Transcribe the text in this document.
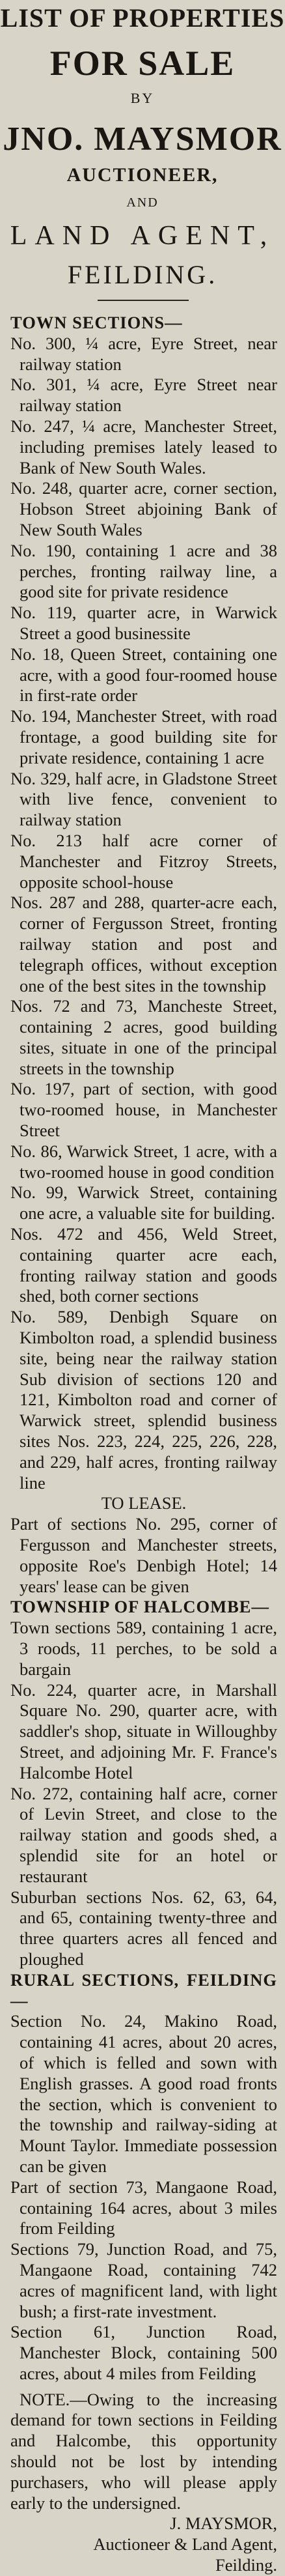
LIST OF PROPERTIES
FOR SALE
BY
JNO. MAYSMOR
AUCTIONEER,
AND
LAND AGENT,
FEILDING.

TOWN SECTIONS—

No. 300, ¼ acre, Eyre Street, near railway station

No. 301, ¼ acre, Eyre Street near railway station

No. 247, ¼ acre, Manchester Street, including premises lately leased to Bank of New South Wales.

No. 248, quarter acre, corner section, Hobson Street abjoining Bank of New South Wales

No. 190, containing 1 acre and 38 perches, fronting railway line, a good site for private residence

No. 119, quarter acre, in Warwick Street a good businessite

No. 18, Queen Street, containing one acre, with a good four-roomed house in first-rate order

No. 194, Manchester Street, with road frontage, a good building site for private residence, containing 1 acre

No. 329, half acre, in Gladstone Street with live fence, convenient to railway station

No. 213 half acre corner of Manchester and Fitzroy Streets, opposite school-house

Nos. 287 and 288, quarter-acre each, corner of Fergusson Street, fronting railway station and post and telegraph offices, without exception one of the best sites in the township

Nos. 72 and 73, Mancheste Street, containing 2 acres, good building sites, situate in one of the principal streets in the township

No. 197, part of section, with good two-roomed house, in Manchester Street

No. 86, Warwick Street, 1 acre, with a two-roomed house in good condition

No. 99, Warwick Street, containing one acre, a valuable site for building.

Nos. 472 and 456, Weld Street, containing quarter acre each, fronting railway station and goods shed, both corner sections

No. 589, Denbigh Square on Kimbolton road, a splendid business site, being near the railway station Sub division of sections 120 and 121, Kimbolton road and corner of Warwick street, splendid business sites Nos. 223, 224, 225, 226, 228, and 229, half acres, fronting railway line

TO LEASE.

Part of sections No. 295, corner of Fergusson and Manchester streets, opposite Roe's Denbigh Hotel; 14 years' lease can be given

TOWNSHIP OF HALCOMBE—

Town sections 589, containing 1 acre, 3 roods, 11 perches, to be sold a bargain

No. 224, quarter acre, in Marshall Square No. 290, quarter acre, with saddler's shop, situate in Willoughby Street, and adjoining Mr. F. France's Halcombe Hotel

No. 272, containing half acre, corner of Levin Street, and close to the railway station and goods shed, a splendid site for an hotel or restaurant

Suburban sections Nos. 62, 63, 64, and 65, containing twenty-three and three quarters acres all fenced and ploughed

RURAL SECTIONS, FEILDING—

Section No. 24, Makino Road, containing 41 acres, about 20 acres, of which is felled and sown with English grasses. A good road fronts the section, which is convenient to the township and railway-siding at Mount Taylor. Immediate possession can be given

Part of section 73, Mangaone Road, containing 164 acres, about 3 miles from Feilding

Sections 79, Junction Road, and 75, Mangaone Road, containing 742 acres of magnificent land, with light bush; a first-rate investment.

Section 61, Junction Road, Manchester Block, containing 500 acres, about 4 miles from Feilding

NOTE.—Owing to the increasing demand for town sections in Feilding and Halcombe, this opportunity should not be lost by intending purchasers, who will please apply early to the undersigned.

J. MAYSMOR,

Auctioneer & Land Agent,

Feilding.
